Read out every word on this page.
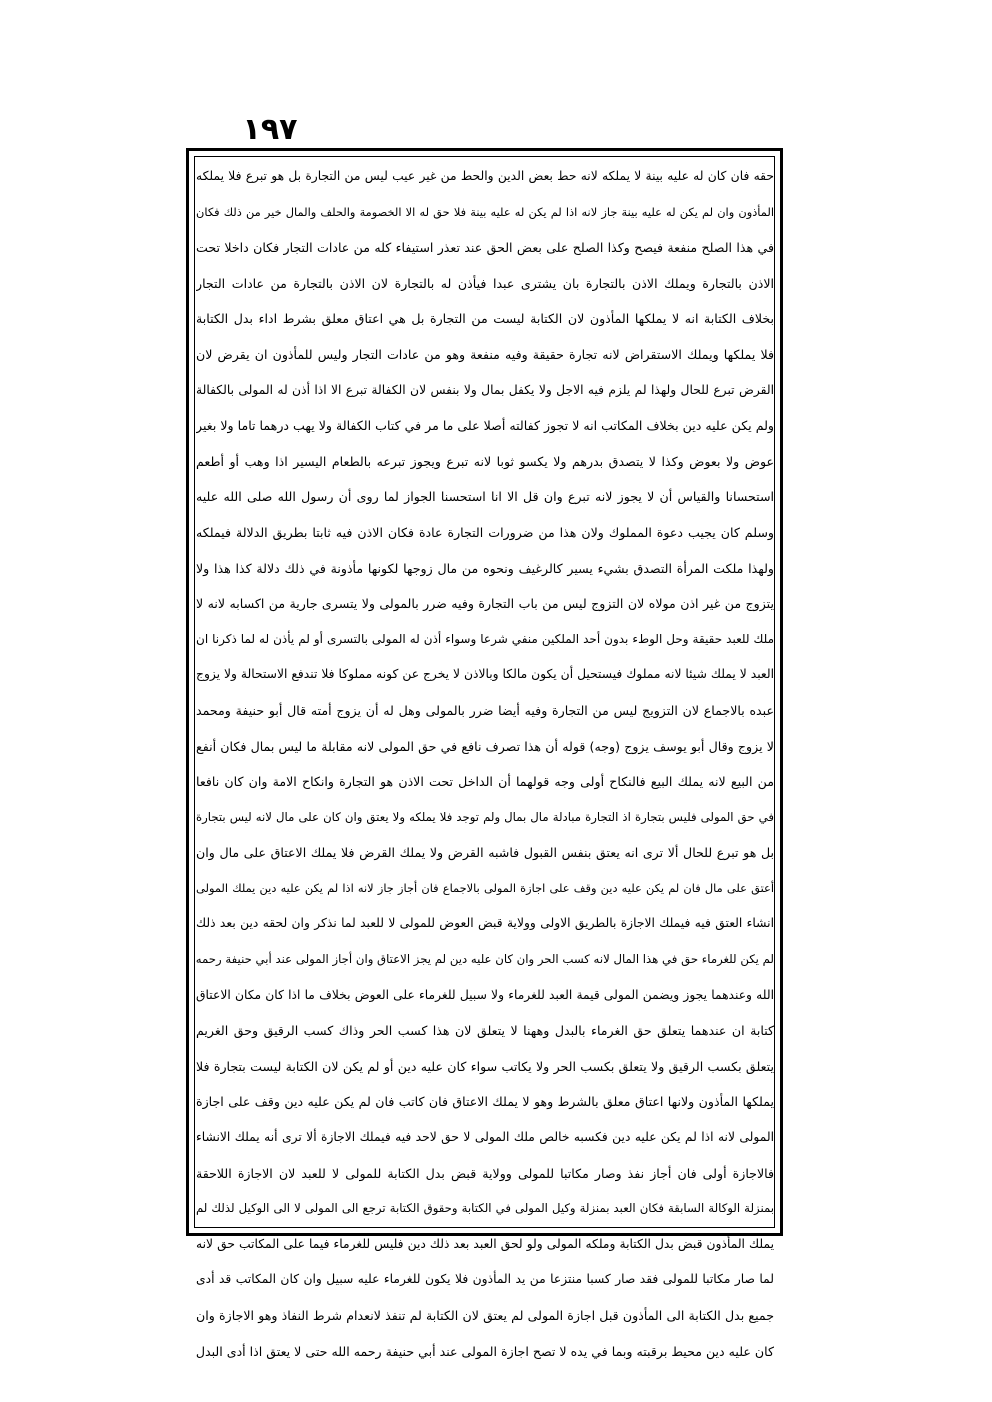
١٩٧
حقه فان كان له عليه بينة لا يملكه لانه حط بعض الدين والحط من غير عيب ليس من التجارة بل هو تبرع فلا يملكه
المأذون وان لم يكن له عليه بينة جاز لانه اذا لم يكن له عليه بينة فلا حق له الا الخصومة والحلف والمال خير من ذلك فكان
في هذا الصلح منفعة فيصح وكذا الصلح على بعض الحق عند تعذر استيفاء كله من عادات التجار فكان داخلا تحت
الاذن بالتجارة ويملك الاذن بالتجارة بان يشترى عبدا فيأذن له بالتجارة لان الاذن بالتجارة من عادات التجار
بخلاف الكتابة انه لا يملكها المأذون لان الكتابة ليست من التجارة بل هي اعتاق معلق بشرط اداء بدل الكتابة
فلا يملكها ويملك الاستقراض لانه تجارة حقيقة وفيه منفعة وهو من عادات التجار وليس للمأذون ان يقرض لان
القرض تبرع للحال ولهذا لم يلزم فيه الاجل ولا يكفل بمال ولا بنفس لان الكفالة تبرع الا اذا أذن له المولى بالكفالة
ولم يكن عليه دين بخلاف المكاتب انه لا تجوز كفالته أصلا على ما مر في كتاب الكفالة ولا يهب درهما تاما ولا بغير
عوض ولا بعوض وكذا لا يتصدق بدرهم ولا يكسو ثوبا لانه تبرع ويجوز تبرعه بالطعام اليسير اذا وهب أو أطعم
استحسانا والقياس أن لا يجوز لانه تبرع وان قل الا انا استحسنا الجواز لما روى أن رسول الله صلى الله عليه
وسلم كان يجيب دعوة المملوك ولان هذا من ضرورات التجارة عادة فكان الاذن فيه ثابتا بطريق الدلالة فيملكه
ولهذا ملكت المرأة التصدق بشيء يسير كالرغيف ونحوه من مال زوجها لكونها مأذونة في ذلك دلالة كذا هذا ولا
يتزوج من غير اذن مولاه لان التزوج ليس من باب التجارة وفيه ضرر بالمولى ولا يتسرى جارية من اكسابه لانه لا
ملك للعبد حقيقة وحل الوطء بدون أحد الملكين منفي شرعا وسواء أذن له المولى بالتسرى أو لم يأذن له لما ذكرنا ان
العبد لا يملك شيئا لانه مملوك فيستحيل أن يكون مالكا وبالاذن لا يخرج عن كونه مملوكا فلا تندفع الاستحالة ولا يزوج
عبده بالاجماع لان التزويج ليس من التجارة وفيه أيضا ضرر بالمولى وهل له أن يزوج أمته قال أبو حنيفة ومحمد
لا يزوج وقال أبو يوسف يزوج (وجه) قوله أن هذا تصرف نافع في حق المولى لانه مقابلة ما ليس بمال فكان أنفع
من البيع لانه يملك البيع فالنكاح أولى وجه قولهما أن الداخل تحت الاذن هو التجارة وانكاح الامة وان كان نافعا
في حق المولى فليس بتجارة اذ التجارة مبادلة مال بمال ولم توجد فلا يملكه ولا يعتق وان كان على مال لانه ليس بتجارة
بل هو تبرع للحال ألا ترى انه يعتق بنفس القبول فاشبه القرض ولا يملك القرض فلا يملك الاعتاق على مال وان
أعتق على مال فان لم يكن عليه دين وقف على اجازة المولى بالاجماع فان أجاز جاز لانه اذا لم يكن عليه دين يملك المولى
انشاء العتق فيه فيملك الاجازة بالطريق الاولى وولاية قبض العوض للمولى لا للعبد لما نذكر وان لحقه دين بعد ذلك
لم يكن للغرماء حق في هذا المال لانه كسب الحر وان كان عليه دين لم يجز الاعتاق وان أجاز المولى عند أبي حنيفة رحمه
الله وعندهما يجوز ويضمن المولى قيمة العبد للغرماء ولا سبيل للغرماء على العوض بخلاف ما اذا كان مكان الاعتاق
كتابة ان عندهما يتعلق حق الغرماء بالبدل وههنا لا يتعلق لان هذا كسب الحر وذاك كسب الرقيق وحق الغريم
يتعلق بكسب الرقيق ولا يتعلق بكسب الحر ولا يكاتب سواء كان عليه دين أو لم يكن لان الكتابة ليست بتجارة فلا
يملكها المأذون ولانها اعتاق معلق بالشرط وهو لا يملك الاعتاق فان كاتب فان لم يكن عليه دين وقف على اجازة
المولى لانه اذا لم يكن عليه دين فكسبه خالص ملك المولى لا حق لاحد فيه فيملك الاجازة ألا ترى أنه يملك الانشاء
فالاجازة أولى فان أجاز نفذ وصار مكاتبا للمولى وولاية قبض بدل الكتابة للمولى لا للعبد لان الاجازة اللاحقة
بمنزلة الوكالة السابقة فكان العبد بمنزلة وكيل المولى في الكتابة وحقوق الكتابة ترجع الى المولى لا الى الوكيل لذلك لم
يملك المأذون قبض بدل الكتابة وملكه المولى ولو لحق العبد بعد ذلك دين فليس للغرماء فيما على المكاتب حق لانه
لما صار مكاتبا للمولى فقد صار كسبا منتزعا من يد المأذون فلا يكون للغرماء عليه سبيل وان كان المكاتب قد أدى
جميع بدل الكتابة الى المأذون قبل اجازة المولى لم يعتق لان الكتابة لم تنفذ لانعدام شرط النفاذ وهو الاجازة وان
كان عليه دين محيط برقبته وبما في يده لا تصح اجازة المولى عند أبي حنيفة رحمه الله حتى لا يعتق اذا أدى البدل
